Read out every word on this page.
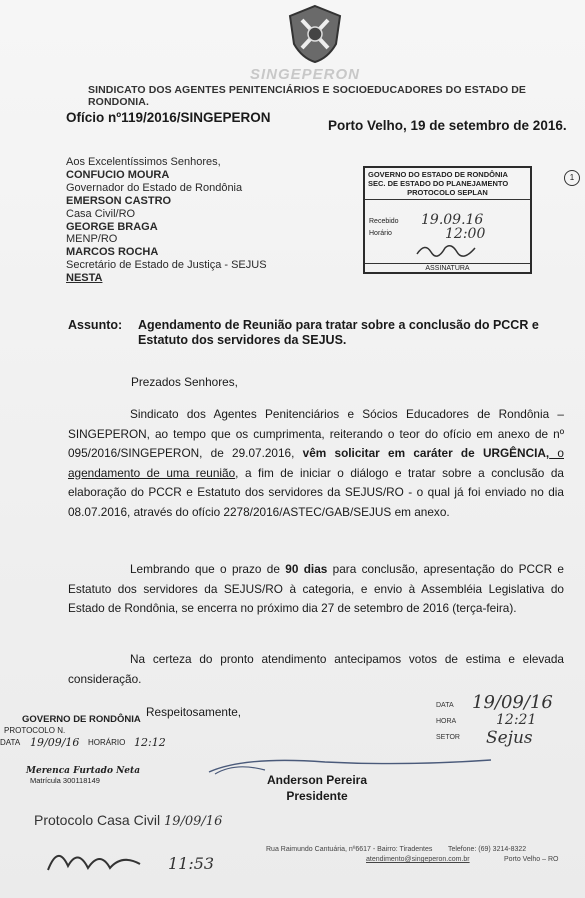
SINGEPERON
SINDICATO DOS AGENTES PENITENCIÁRIOS E SOCIOEDUCADORES DO ESTADO DE RONDONIA.
Ofício nº119/2016/SINGEPERON
Porto Velho, 19 de setembro de 2016.
Aos Excelentíssimos Senhores,
CONFUCIO MOURA
Governador do Estado de Rondônia
EMERSON CASTRO
Casa Civil/RO
GEORGE BRAGA
MENP/RO
MARCOS ROCHA
Secretário de Estado de Justiça - SEJUS
NESTA
GOVERNO DO ESTADO DE RONDÔNIA
SEC. DE ESTADO DO PLANEJAMENTO
PROTOCOLO SEPLAN
Recebido
Horário
19.09.16
12:00
ASSINATURA
1
Assunto: Agendamento de Reunião para tratar sobre a conclusão do PCCR e Estatuto dos servidores da SEJUS.
Prezados Senhores,
Sindicato dos Agentes Penitenciários e Sócios Educadores de Rondônia – SINGEPERON, ao tempo que os cumprimenta, reiterando o teor do ofício em anexo de nº 095/2016/SINGEPERON, de 29.07.2016, vêm solicitar em caráter de URGÊNCIA, o agendamento de uma reunião, a fim de iniciar o diálogo e tratar sobre a conclusão da elaboração do PCCR e Estatuto dos servidores da SEJUS/RO - o qual já foi enviado no dia 08.07.2016, através do ofício 2278/2016/ASTEC/GAB/SEJUS em anexo.
Lembrando que o prazo de 90 dias para conclusão, apresentação do PCCR e Estatuto dos servidores da SEJUS/RO à categoria, e envio à Assembléia Legislativa do Estado de Rondônia, se encerra no próximo dia 27 de setembro de 2016 (terça-feira).
Na certeza do pronto atendimento antecipamos votos de estima e elevada consideração.
Respeitosamente,
Anderson Pereira
Presidente
GOVERNO DE RONDÔNIA
PROTOCOLO N.
DATA 19/09/16 HORÁRIO 12:12
Merenca Furtado Neta
Matrícula 300118149
DATA
HORA
SETOR
19/09/16
12:21
Sejus
Protocolo Casa Civil 19/09/16
11:53
Rua Raimundo Cantuária, nº6617 - Bairro: Tiradentes Telefone: (69) 3214-8322
atendimento@singeperon.com.br	Porto Velho – RO
